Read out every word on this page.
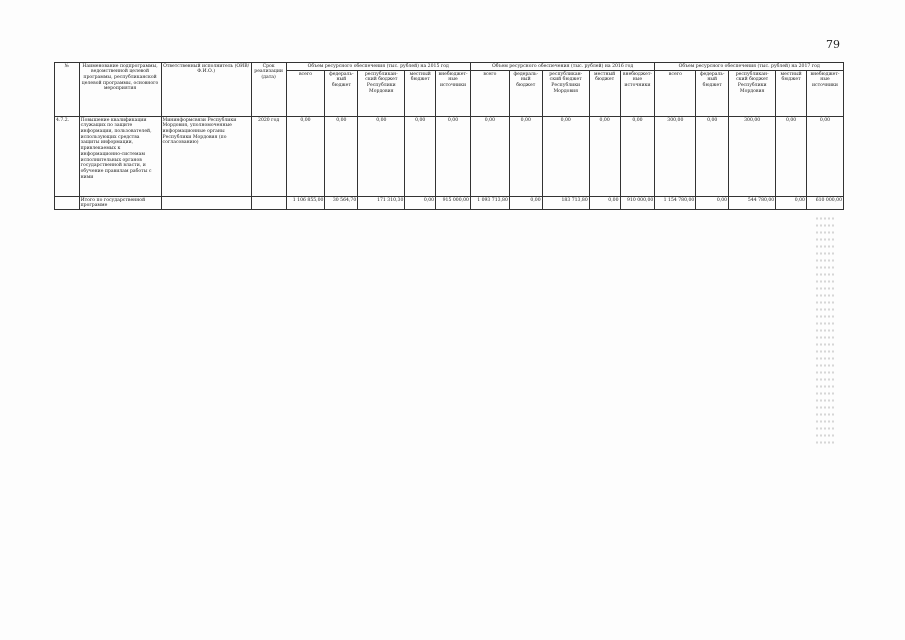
79
№	Наименование подпрограммы, ведомственной целевой программы, республиканской целевой программы, основного мероприятия	Ответственный исполнитель (ОИВ/Ф.И.О.)	Срок реализации (дата)	Объем ресурсного обеспечения (тыс. рублей) на 2015 год					Объем ресурсного обеспечения (тыс. рублей) на 2016 год					Объем ресурсного обеспечения (тыс. рублей) на 2017 год				
				всего	федераль-ный бюджет	республикан-ский бюджет Республики Мордовия	местный бюджет	внебюджет-ные источники	всего	федераль-ный бюджет	республикан-ский бюджет Республики Мордовия	местный бюджет	внебюджет-ные источники	всего	федераль-ный бюджет	республикан-ский бюджет Республики Мордовия	местный бюджет	внебюджет-ные источники
4.7.2.	Повышение квалификации служащих по защите информации, пользователей, использующих средства защиты информации, привлекаемых к информационно-системам исполнительных органов государственной власти, и обучение правилам работы с ними	Мининформсвязи Республики Мордовия, уполномоченные информационные органы Республики Мордовия (по согласованию)	2020 год	0,00	0,00	0,00	0,00	0,00	0,00	0,00	0,00	0,00	0,00	300,00	0,00	300,00	0,00	0,00
	Итого по государственной программе			1 106 855,00	30 564,70	171 310,30	0,00	915 000,00	1 093 713,80	0,00	183 713,80	0,00	910 000,00	1 154 780,00	0,00	544 780,00	0,00	610 000,00
